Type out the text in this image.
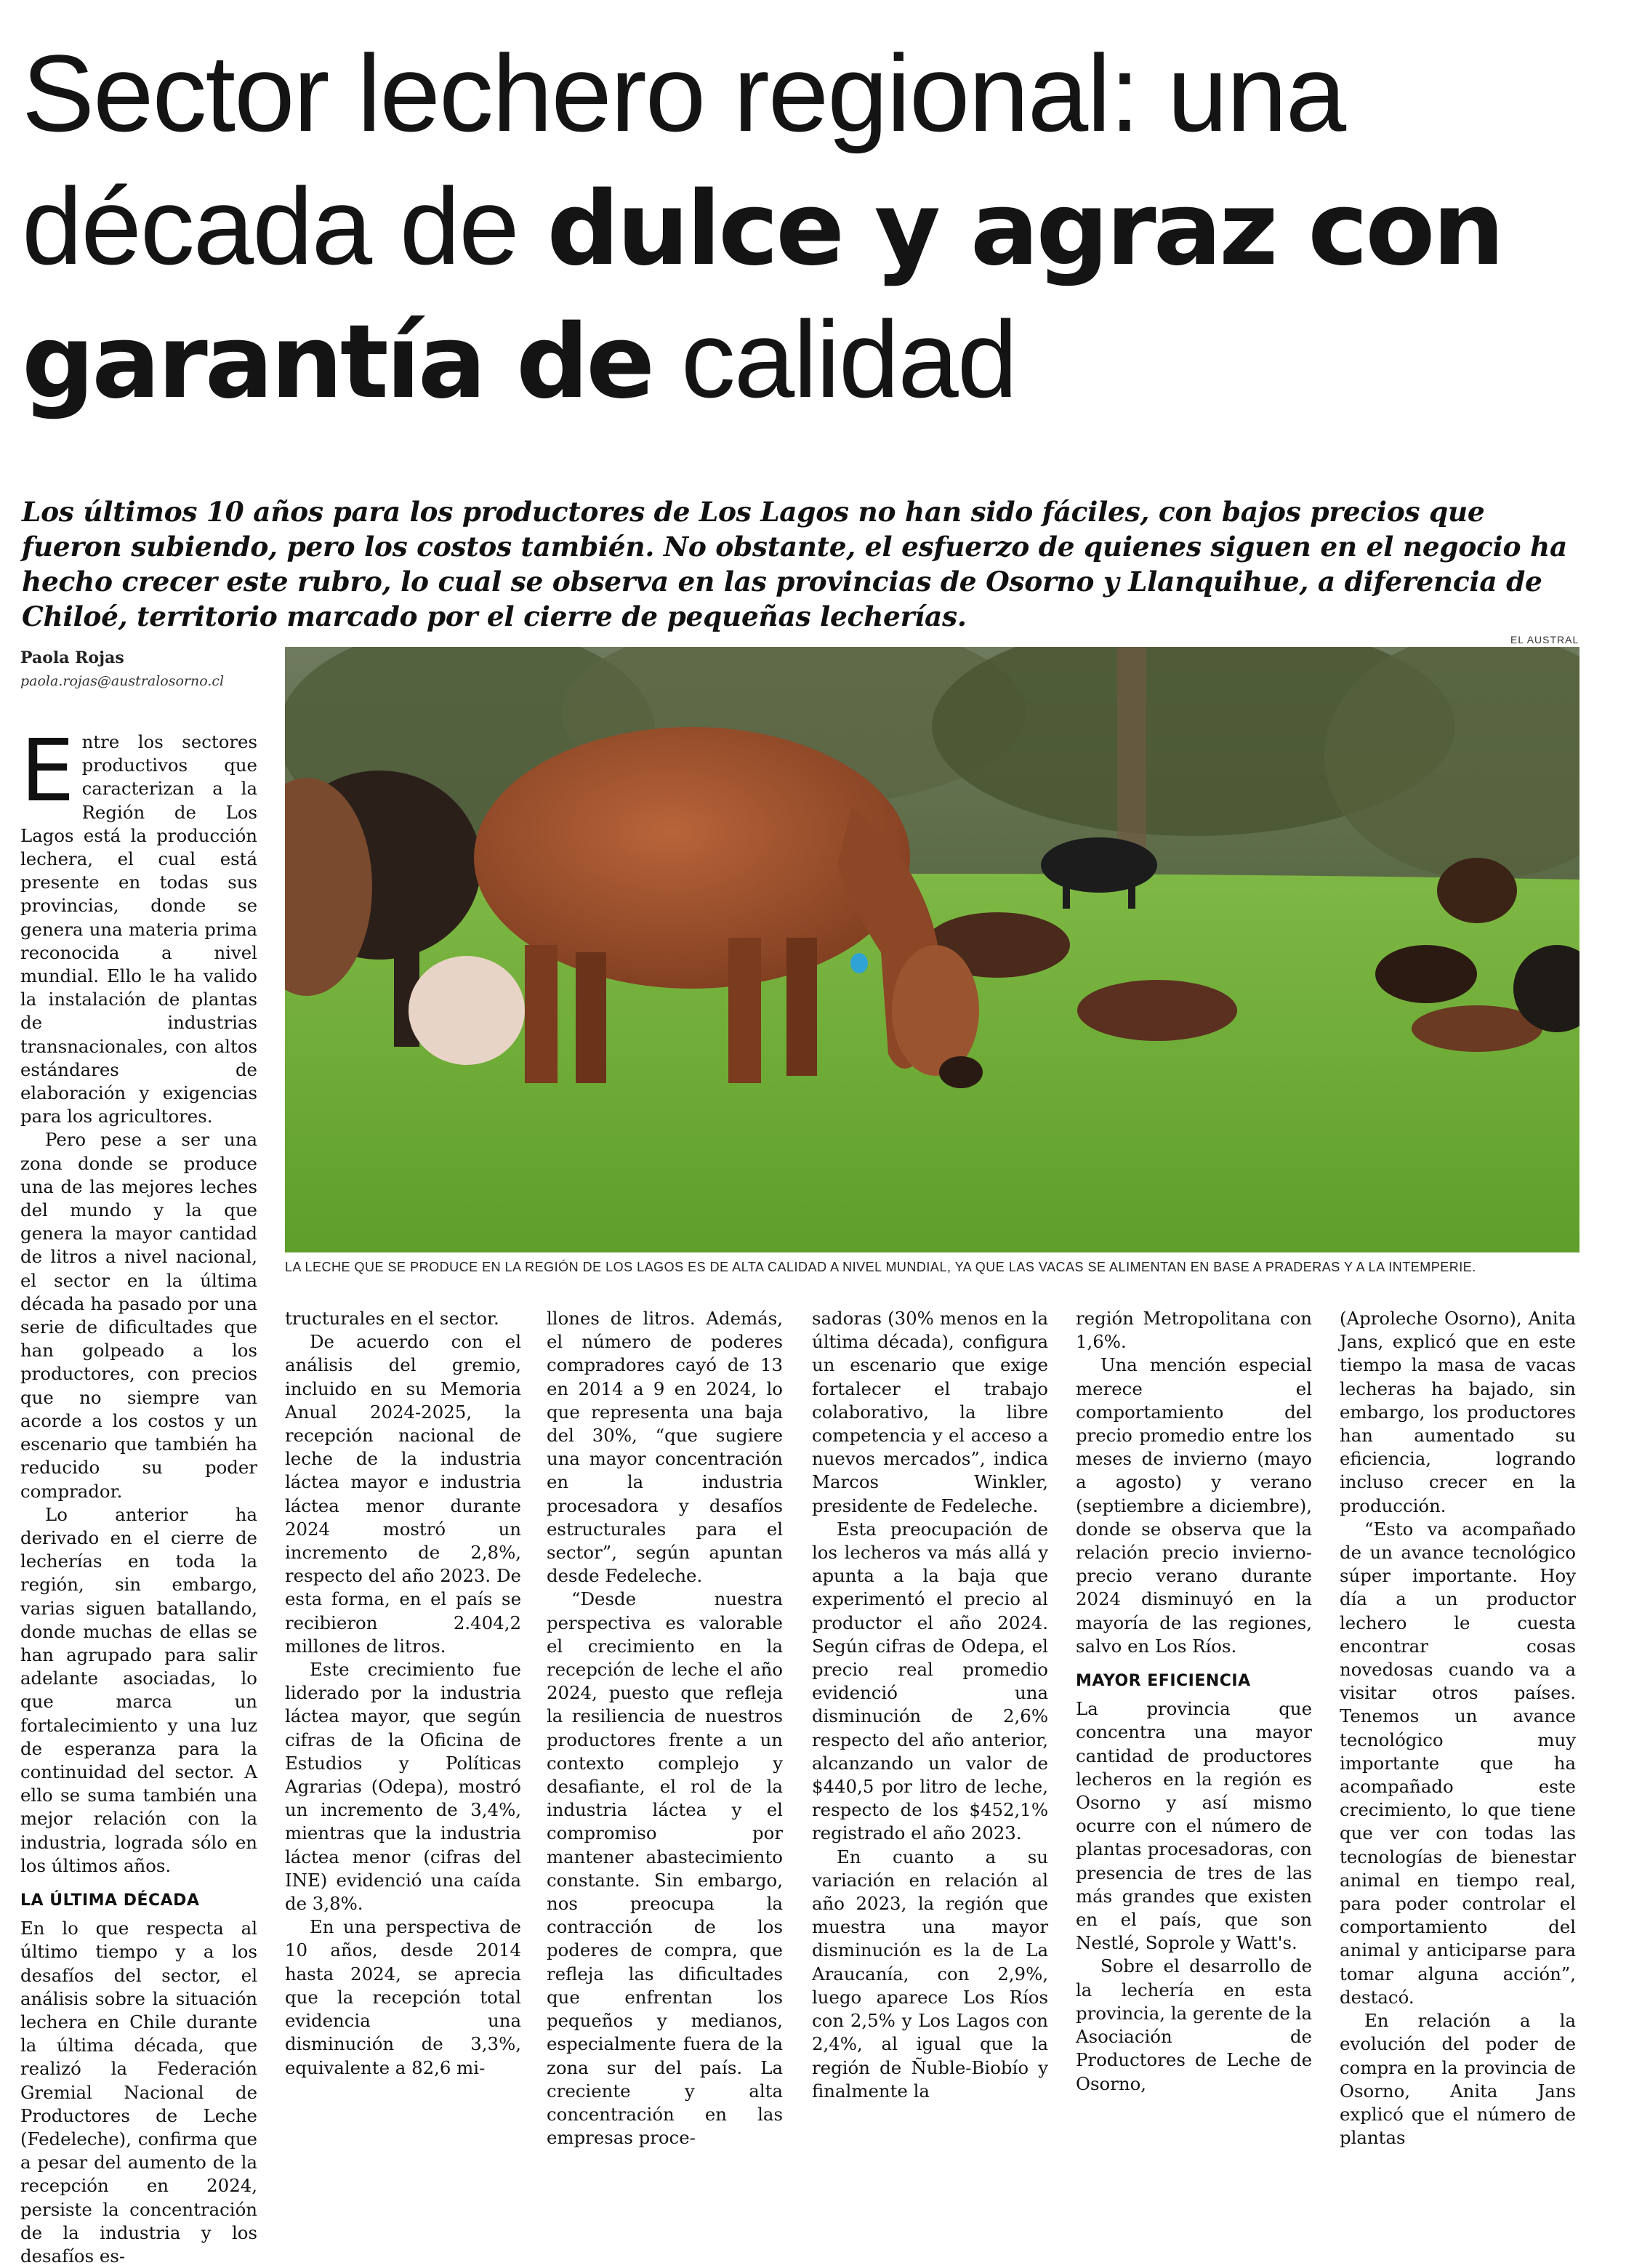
Sector lechero regional: una década de dulce y agraz con garantía de calidad

Los últimos 10 años para los productores de Los Lagos no han sido fáciles, con bajos precios que fueron subiendo, pero los costos también. No obstante, el esfuerzo de quienes siguen en el negocio ha hecho crecer este rubro, lo cual se observa en las provincias de Osorno y Llanquihue, a diferencia de Chiloé, territorio marcado por el cierre de pequeñas lecherías.

Paola Rojas

paola.rojas@australosorno.cl

EL AUSTRAL

LA LECHE QUE SE PRODUCE EN LA REGIÓN DE LOS LAGOS ES DE ALTA CALIDAD A NIVEL MUNDIAL, YA QUE LAS VACAS SE ALIMENTAN EN BASE A PRADERAS Y A LA INTEMPERIE.

Entre los sectores productivos que caracterizan a la Región de Los Lagos está la producción lechera, el cual está presente en todas sus provincias, donde se genera una materia prima reconocida a nivel mundial. Ello le ha valido la instalación de plantas de industrias transnacionales, con altos estándares de elaboración y exigencias para los agricultores.

Pero pese a ser una zona donde se produce una de las mejores leches del mundo y la que genera la mayor cantidad de litros a nivel nacional, el sector en la última década ha pasado por una serie de dificultades que han golpeado a los productores, con precios que no siempre van acorde a los costos y un escenario que también ha reducido su poder comprador.

Lo anterior ha derivado en el cierre de lecherías en toda la región, sin embargo, varias siguen batallando, donde muchas de ellas se han agrupado para salir adelante asociadas, lo que marca un fortalecimiento y una luz de esperanza para la continuidad del sector. A ello se suma también una mejor relación con la industria, lograda sólo en los últimos años.

LA ÚLTIMA DÉCADA

En lo que respecta al último tiempo y a los desafíos del sector, el análisis sobre la situación lechera en Chile durante la última década, que realizó la Federación Gremial Nacional de Productores de Leche (Fedeleche), confirma que a pesar del aumento de la recepción en 2024, persiste la concentración de la industria y los desafíos es-

tructurales en el sector.

De acuerdo con el análisis del gremio, incluido en su Memoria Anual 2024-2025, la recepción nacional de leche de la industria láctea mayor e industria láctea menor durante 2024 mostró un incremento de 2,8%, respecto del año 2023. De esta forma, en el país se recibieron 2.404,2 millones de litros.

Este crecimiento fue liderado por la industria láctea mayor, que según cifras de la Oficina de Estudios y Políticas Agrarias (Odepa), mostró un incremento de 3,4%, mientras que la industria láctea menor (cifras del INE) evidenció una caída de 3,8%.

En una perspectiva de 10 años, desde 2014 hasta 2024, se aprecia que la recepción total evidencia una disminución de 3,3%, equivalente a 82,6 mi-

llones de litros. Además, el número de poderes compradores cayó de 13 en 2014 a 9 en 2024, lo que representa una baja del 30%, “que sugiere una mayor concentración en la industria procesadora y desafíos estructurales para el sector”, según apuntan desde Fedeleche.

“Desde nuestra perspectiva es valorable el crecimiento en la recepción de leche el año 2024, puesto que refleja la resiliencia de nuestros productores frente a un contexto complejo y desafiante, el rol de la industria láctea y el compromiso por mantener abastecimiento constante. Sin embargo, nos preocupa la contracción de los poderes de compra, que refleja las dificultades que enfrentan los pequeños y medianos, especialmente fuera de la zona sur del país. La creciente y alta concentración en las empresas proce-

sadoras (30% menos en la última década), configura un escenario que exige fortalecer el trabajo colaborativo, la libre competencia y el acceso a nuevos mercados”, indica Marcos Winkler, presidente de Fedeleche.

Esta preocupación de los lecheros va más allá y apunta a la baja que experimentó el precio al productor el año 2024. Según cifras de Odepa, el precio real promedio evidenció una disminución de 2,6% respecto del año anterior, alcanzando un valor de $440,5 por litro de leche, respecto de los $452,1% registrado el año 2023.

En cuanto a su variación en relación al año 2023, la región que muestra una mayor disminución es la de La Araucanía, con 2,9%, luego aparece Los Ríos con 2,5% y Los Lagos con 2,4%, al igual que la región de Ñuble-Biobío y finalmente la

región Metropolitana con 1,6%.

Una mención especial merece el comportamiento del precio promedio entre los meses de invierno (mayo a agosto) y verano (septiembre a diciembre), donde se observa que la relación precio invierno-precio verano durante 2024 disminuyó en la mayoría de las regiones, salvo en Los Ríos.

MAYOR EFICIENCIA

La provincia que concentra una mayor cantidad de productores lecheros en la región es Osorno y así mismo ocurre con el número de plantas procesadoras, con presencia de tres de las más grandes que existen en el país, que son Nestlé, Soprole y Watt's.

Sobre el desarrollo de la lechería en esta provincia, la gerente de la Asociación de Productores de Leche de Osorno,

(Aproleche Osorno), Anita Jans, explicó que en este tiempo la masa de vacas lecheras ha bajado, sin embargo, los productores han aumentado su eficiencia, logrando incluso crecer en la producción.

“Esto va acompañado de un avance tecnológico súper importante. Hoy día a un productor lechero le cuesta encontrar cosas novedosas cuando va a visitar otros países. Tenemos un avance tecnológico muy importante que ha acompañado este crecimiento, lo que tiene que ver con todas las tecnologías de bienestar animal en tiempo real, para poder controlar el comportamiento del animal y anticiparse para tomar alguna acción”, destacó.

En relación a la evolución del poder de compra en la provincia de Osorno, Anita Jans explicó que el número de plantas
